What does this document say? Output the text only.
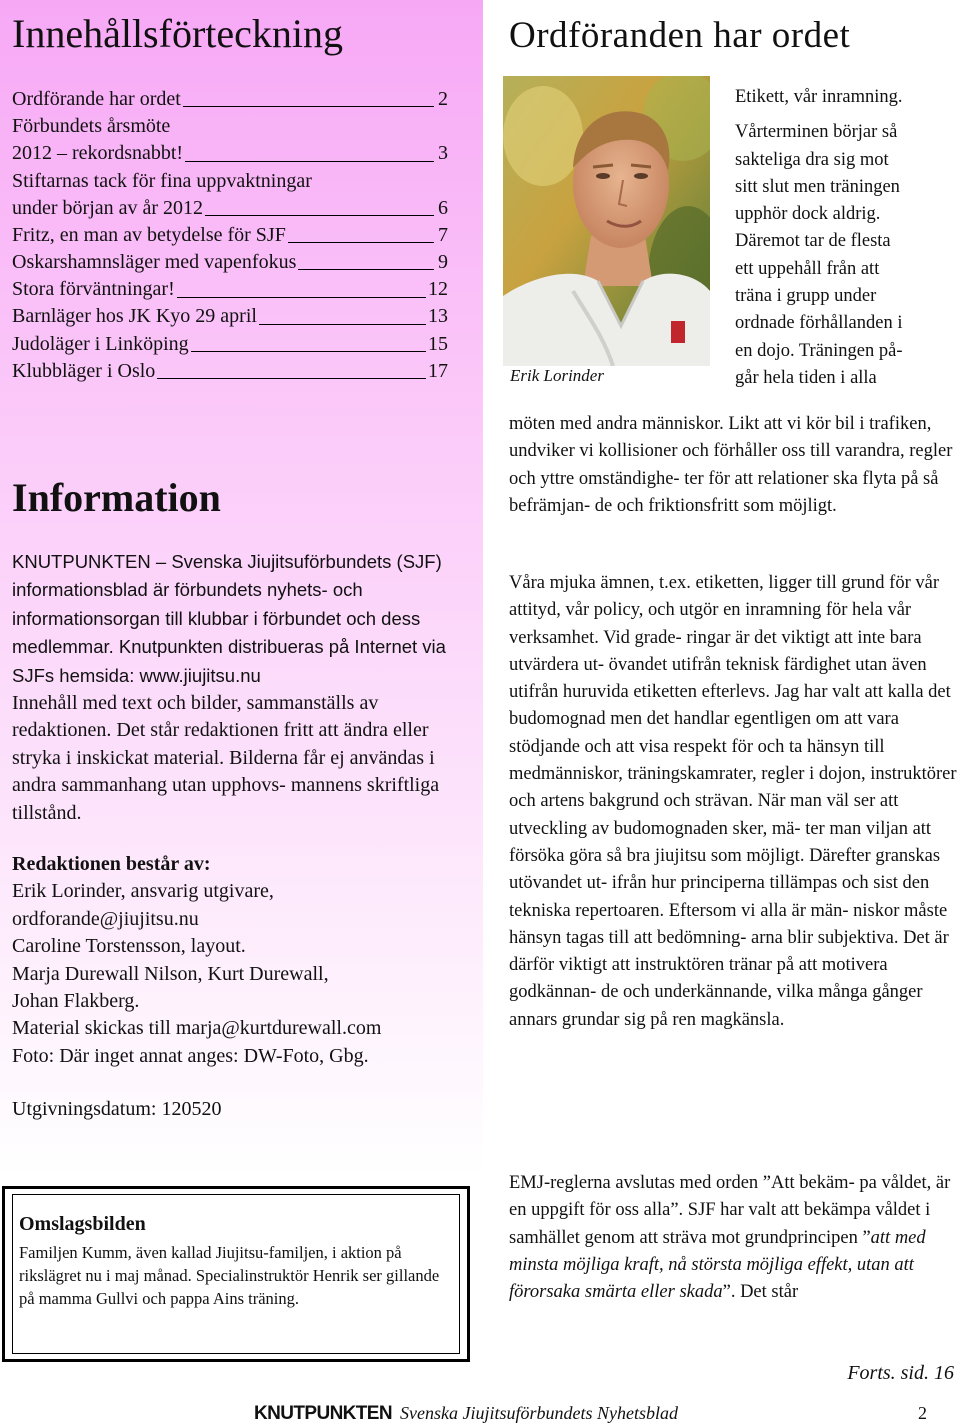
Innehållsförteckning
Ordförande har ordet	2
Förbundets årsmöte
2012 – rekordsnabbt!	3
Stiftarnas tack för fina uppvaktningar
under början av år 2012	6
Fritz, en man av betydelse för SJF	7
Oskarshamnsläger med vapenfokus	9
Stora förväntningar!	12
Barnläger hos JK Kyo 29 april	13
Judoläger i Linköping	15
Klubbläger i Oslo	17
Information

KNUTPUNKTEN – Svenska Jiujitsuförbundets (SJF) informationsblad är förbundets nyhets- och informationsorgan till klubbar i förbundet och dess medlemmar. Knutpunkten distribueras på Internet via SJFs hemsida: www.jiujitsu.nu
Innehåll med text och bilder, sammanställs av redaktionen. Det står redaktionen fritt att ändra eller stryka i inskickat material. Bilderna får ej användas i andra sammanhang utan upphovs- mannens skriftliga tillstånd.

Redaktionen består av:
Erik Lorinder, ansvarig utgivare,
ordforande@jiujitsu.nu
Caroline Torstensson, layout.
Marja Durewall Nilson, Kurt Durewall,
Johan Flakberg.
Material skickas till marja@kurtdurewall.com
Foto: Där inget annat anges: DW-Foto, Gbg.
Utgivningsdatum: 120520
Omslagsbilden
Familjen Kumm, även kallad Jiujitsu-familjen, i aktion på rikslägret nu i maj månad. Specialinstruktör Henrik ser gillande på mamma Gullvi och pappa Ains träning.
Ordföranden har ordet
Erik Lorinder
Etikett, vår inramning.
Vårterminen börjar så
sakteliga dra sig mot
sitt slut men träningen
upphör dock aldrig.
Däremot tar de flesta
ett uppehåll från att
träna i grupp under
ordnade förhållanden i
en dojo. Träningen på-
går hela tiden i alla

möten med andra människor. Likt att vi kör bil i trafiken, undviker vi kollisioner och förhåller oss till varandra, regler och yttre omständighe- ter för att relationer ska flyta på så befrämjan- de och friktionsfritt som möjligt.

Våra mjuka ämnen, t.ex. etiketten, ligger till grund för vår attityd, vår policy, och utgör en inramning för hela vår verksamhet. Vid grade- ringar är det viktigt att inte bara utvärdera ut- övandet utifrån teknisk färdighet utan även utifrån huruvida etiketten efterlevs. Jag har valt att kalla det budomognad men det handlar egentligen om att vara stödjande och att visa respekt för och ta hänsyn till medmänniskor, träningskamrater, regler i dojon, instruktörer och artens bakgrund och strävan. När man väl ser att utveckling av budomognaden sker, mä- ter man viljan att försöka göra så bra jiujitsu som möjligt. Därefter granskas utövandet ut- ifrån hur principerna tillämpas och sist den tekniska repertoaren. Eftersom vi alla är män- niskor måste hänsyn tagas till att bedömning- arna blir subjektiva. Det är därför viktigt att instruktören tränar på att motivera godkännan- de och underkännande, vilka många gånger annars grundar sig på ren magkänsla.

EMJ-reglerna avslutas med orden ”Att bekäm- pa våldet, är en uppgift för oss alla”. SJF har valt att bekämpa våldet i samhället genom att sträva mot grundprincipen ”att med minsta möjliga kraft, nå största möjliga effekt, utan att förorsaka smärta eller skada”. Det står

Forts. sid. 16
KNUTPUNKTEN Svenska Jiujitsuförbundets Nyhetsblad	2
